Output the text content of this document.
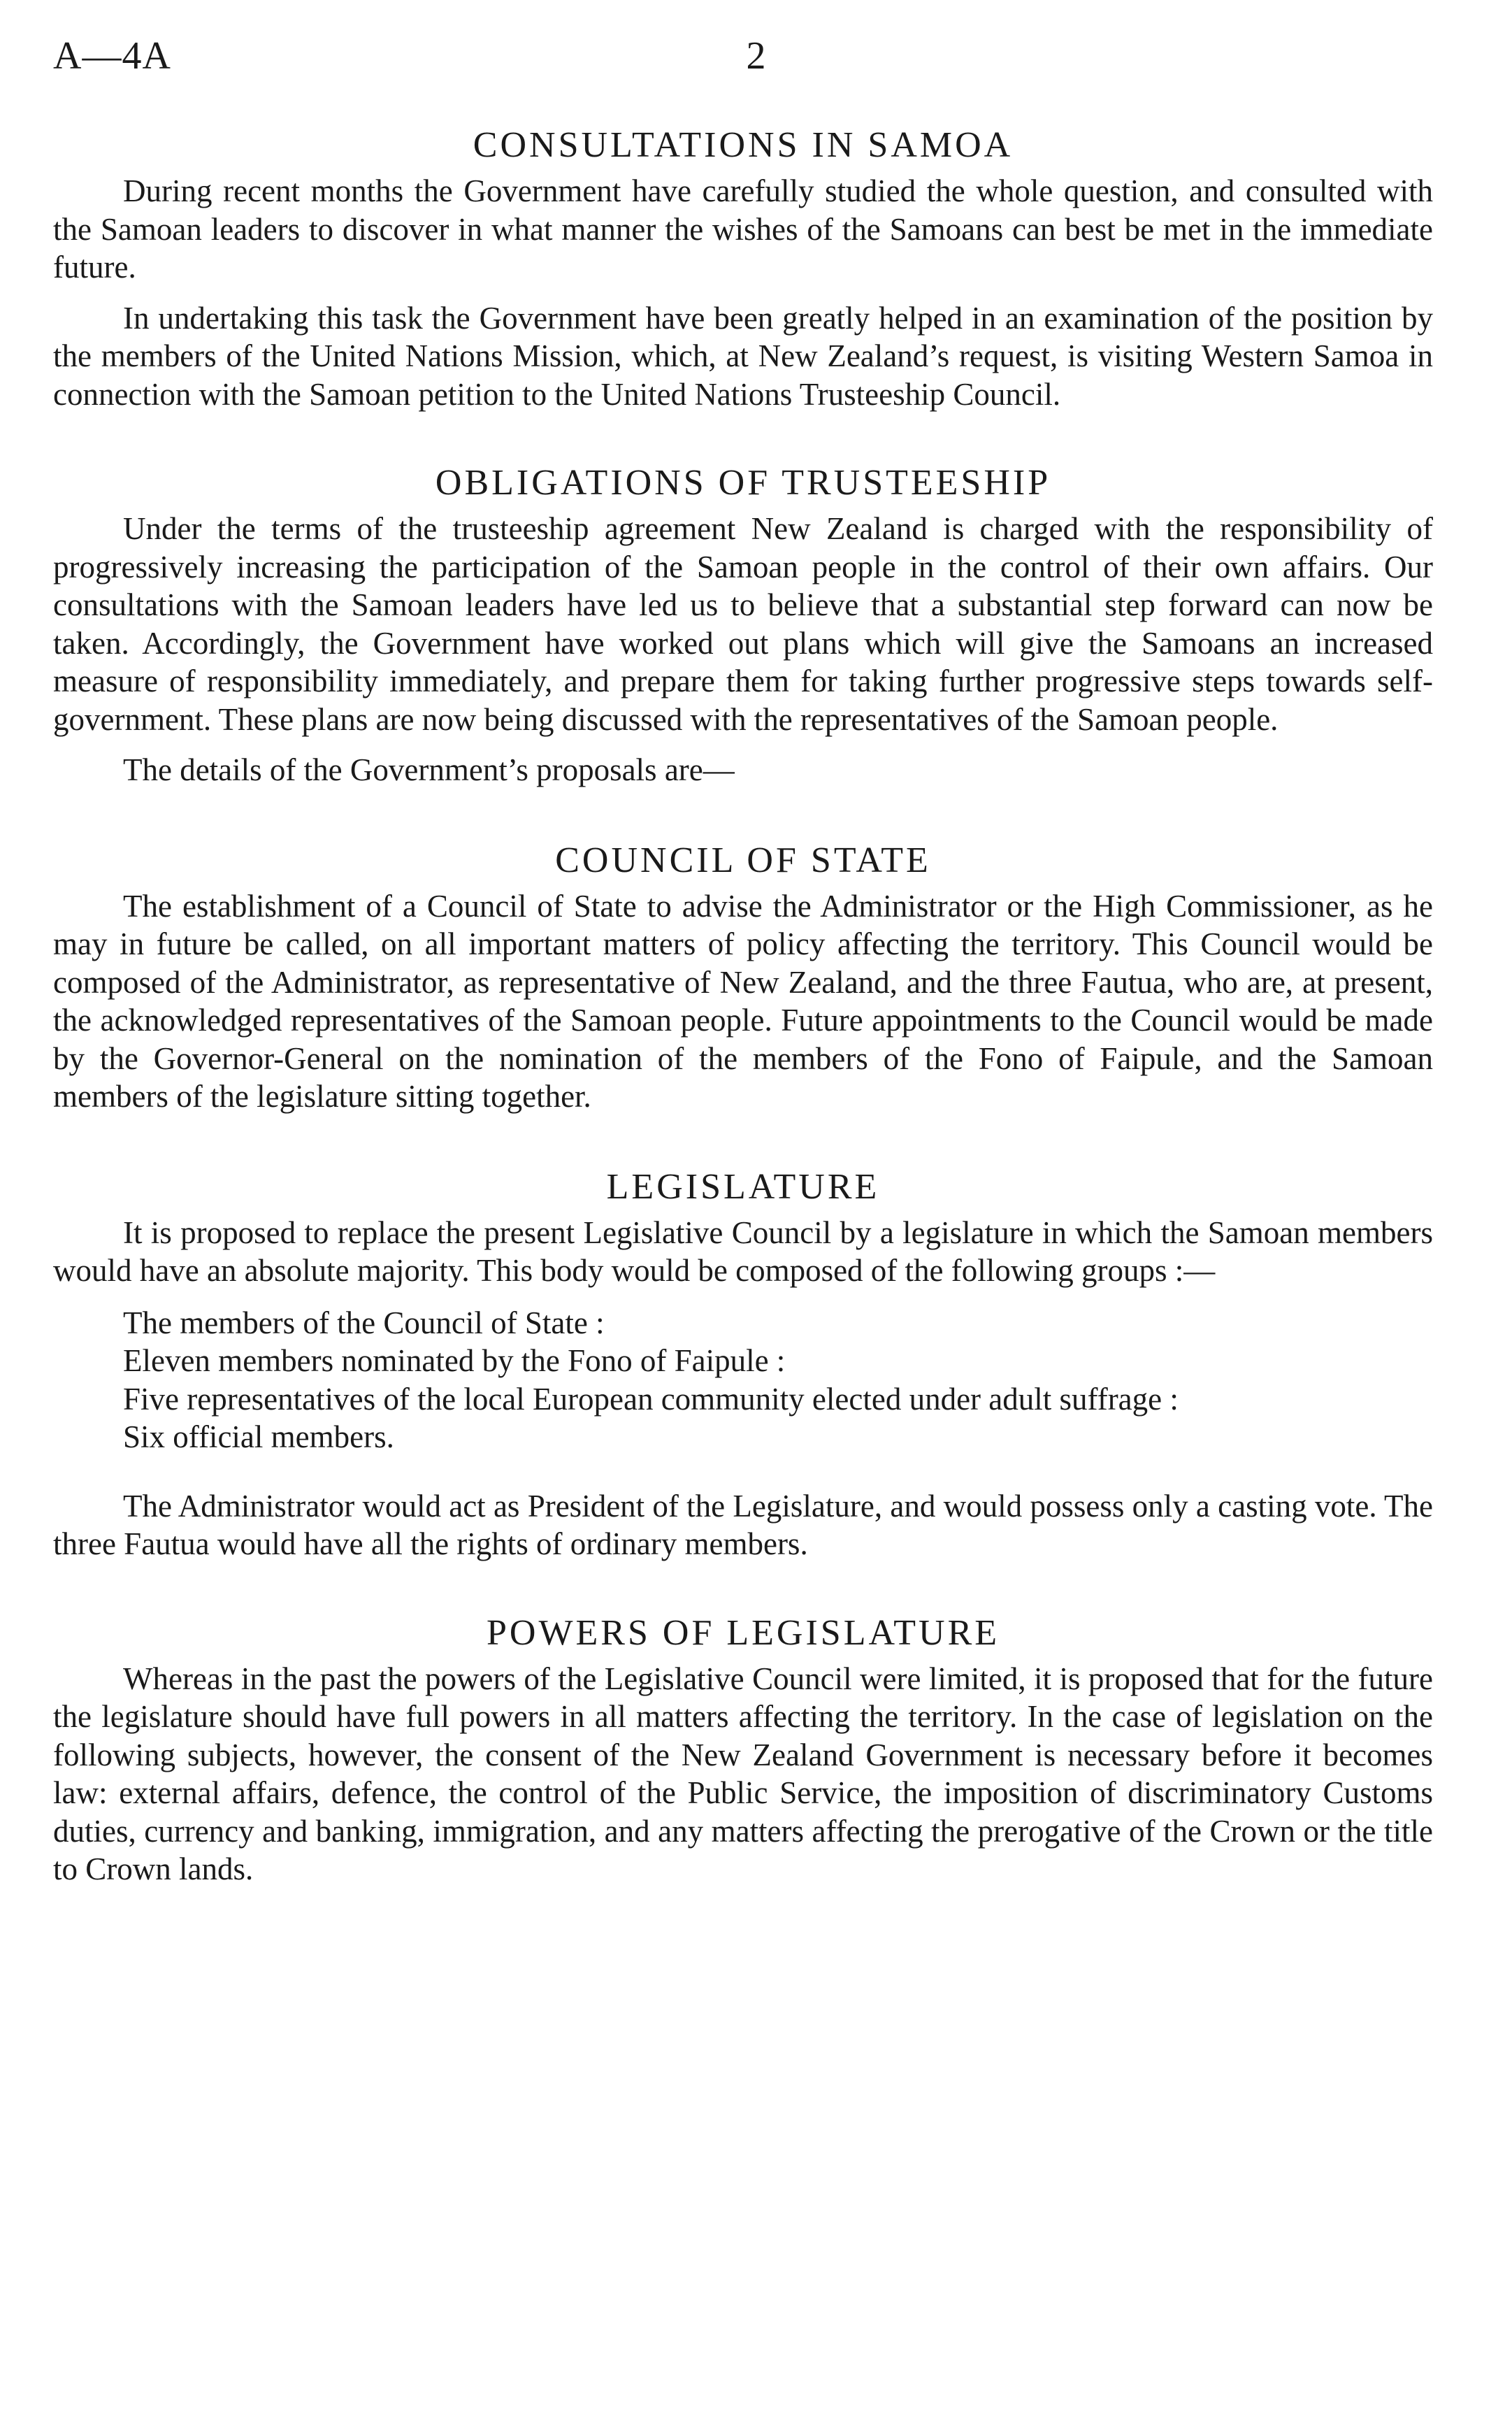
A—4A	2
CONSULTATIONS IN SAMOA

During recent months the Government have carefully studied the whole question, and consulted with the Samoan leaders to discover in what manner the wishes of the Samoans can best be met in the immediate future.

In undertaking this task the Government have been greatly helped in an examination of the position by the members of the United Nations Mission, which, at New Zealand’s request, is visiting Western Samoa in connection with the Samoan petition to the United Nations Trusteeship Council.

OBLIGATIONS OF TRUSTEESHIP

Under the terms of the trusteeship agreement New Zealand is charged with the responsibility of progressively increasing the participation of the Samoan people in the control of their own affairs. Our consultations with the Samoan leaders have led us to believe that a substantial step forward can now be taken. Accordingly, the Government have worked out plans which will give the Samoans an increased measure of responsibility immediately, and prepare them for taking further progressive steps towards self-government. These plans are now being discussed with the representatives of the Samoan people.

The details of the Government’s proposals are—

COUNCIL OF STATE

The establishment of a Council of State to advise the Administrator or the High Commissioner, as he may in future be called, on all important matters of policy affecting the territory. This Council would be composed of the Administrator, as representative of New Zealand, and the three Fautua, who are, at present, the acknowledged representatives of the Samoan people. Future appointments to the Council would be made by the Governor-General on the nomination of the members of the Fono of Faipule, and the Samoan members of the legislature sitting together.

LEGISLATURE

It is proposed to replace the present Legislative Council by a legislature in which the Samoan members would have an absolute majority. This body would be composed of the following groups :—

The members of the Council of State :
Eleven members nominated by the Fono of Faipule :
Five representatives of the local European community elected under adult suffrage :
Six official members.

The Administrator would act as President of the Legislature, and would possess only a casting vote. The three Fautua would have all the rights of ordinary members.

POWERS OF LEGISLATURE

Whereas in the past the powers of the Legislative Council were limited, it is proposed that for the future the legislature should have full powers in all matters affecting the territory. In the case of legislation on the following subjects, however, the consent of the New Zealand Government is necessary before it becomes law: external affairs, defence, the control of the Public Service, the imposition of discriminatory Customs duties, currency and banking, immigration, and any matters affecting the prerogative of the Crown or the title to Crown lands.
